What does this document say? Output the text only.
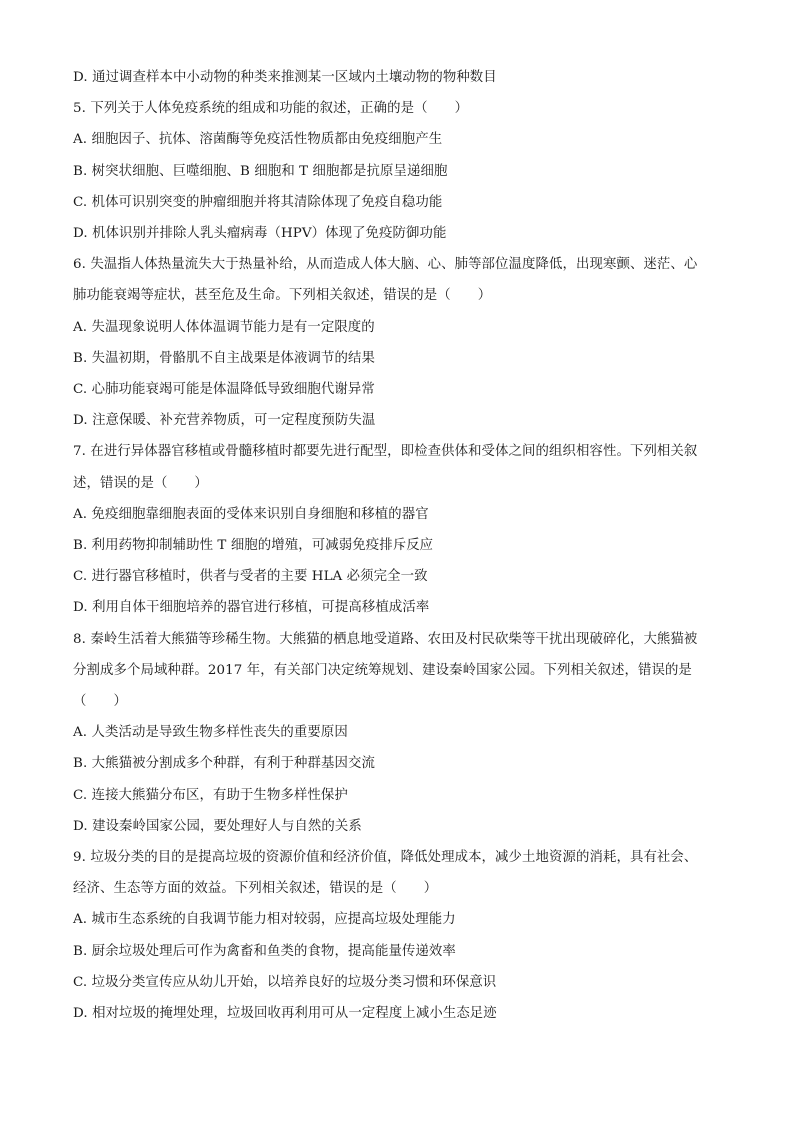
D. 通过调查样本中小动物的种类来推测某一区域内土壤动物的物种数目
5. 下列关于人体免疫系统的组成和功能的叙述，正确的是（　　）
A. 细胞因子、抗体、溶菌酶等免疫活性物质都由免疫细胞产生
B. 树突状细胞、巨噬细胞、B 细胞和 T 细胞都是抗原呈递细胞
C. 机体可识别突变的肿瘤细胞并将其清除体现了免疫自稳功能
D. 机体识别并排除人乳头瘤病毒（HPV）体现了免疫防御功能
6. 失温指人体热量流失大于热量补给，从而造成人体大脑、心、肺等部位温度降低，出现寒颤、迷茫、心
肺功能衰竭等症状，甚至危及生命。下列相关叙述，错误的是（　　）
A. 失温现象说明人体体温调节能力是有一定限度的
B. 失温初期，骨骼肌不自主战栗是体液调节的结果
C. 心肺功能衰竭可能是体温降低导致细胞代谢异常
D. 注意保暖、补充营养物质，可一定程度预防失温
7. 在进行异体器官移植或骨髓移植时都要先进行配型，即检查供体和受体之间的组织相容性。下列相关叙
述，错误的是（　　）
A. 免疫细胞靠细胞表面的受体来识别自身细胞和移植的器官
B. 利用药物抑制辅助性 T 细胞的增殖，可减弱免疫排斥反应
C. 进行器官移植时，供者与受者的主要 HLA 必须完全一致
D. 利用自体干细胞培养的器官进行移植，可提高移植成活率
8. 秦岭生活着大熊猫等珍稀生物。大熊猫的栖息地受道路、农田及村民砍柴等干扰出现破碎化，大熊猫被
分割成多个局域种群。2017 年，有关部门决定统筹规划、建设秦岭国家公园。下列相关叙述，错误的是
（　　）
A. 人类活动是导致生物多样性丧失的重要原因
B. 大熊猫被分割成多个种群，有利于种群基因交流
C. 连接大熊猫分布区，有助于生物多样性保护
D. 建设秦岭国家公园，要处理好人与自然的关系
9. 垃圾分类的目的是提高垃圾的资源价值和经济价值，降低处理成本，减少土地资源的消耗，具有社会、
经济、生态等方面的效益。下列相关叙述，错误的是（　　）
A. 城市生态系统的自我调节能力相对较弱，应提高垃圾处理能力
B. 厨余垃圾处理后可作为禽畜和鱼类的食物，提高能量传递效率
C. 垃圾分类宣传应从幼儿开始，以培养良好的垃圾分类习惯和环保意识
D. 相对垃圾的掩埋处理，垃圾回收再利用可从一定程度上减小生态足迹
